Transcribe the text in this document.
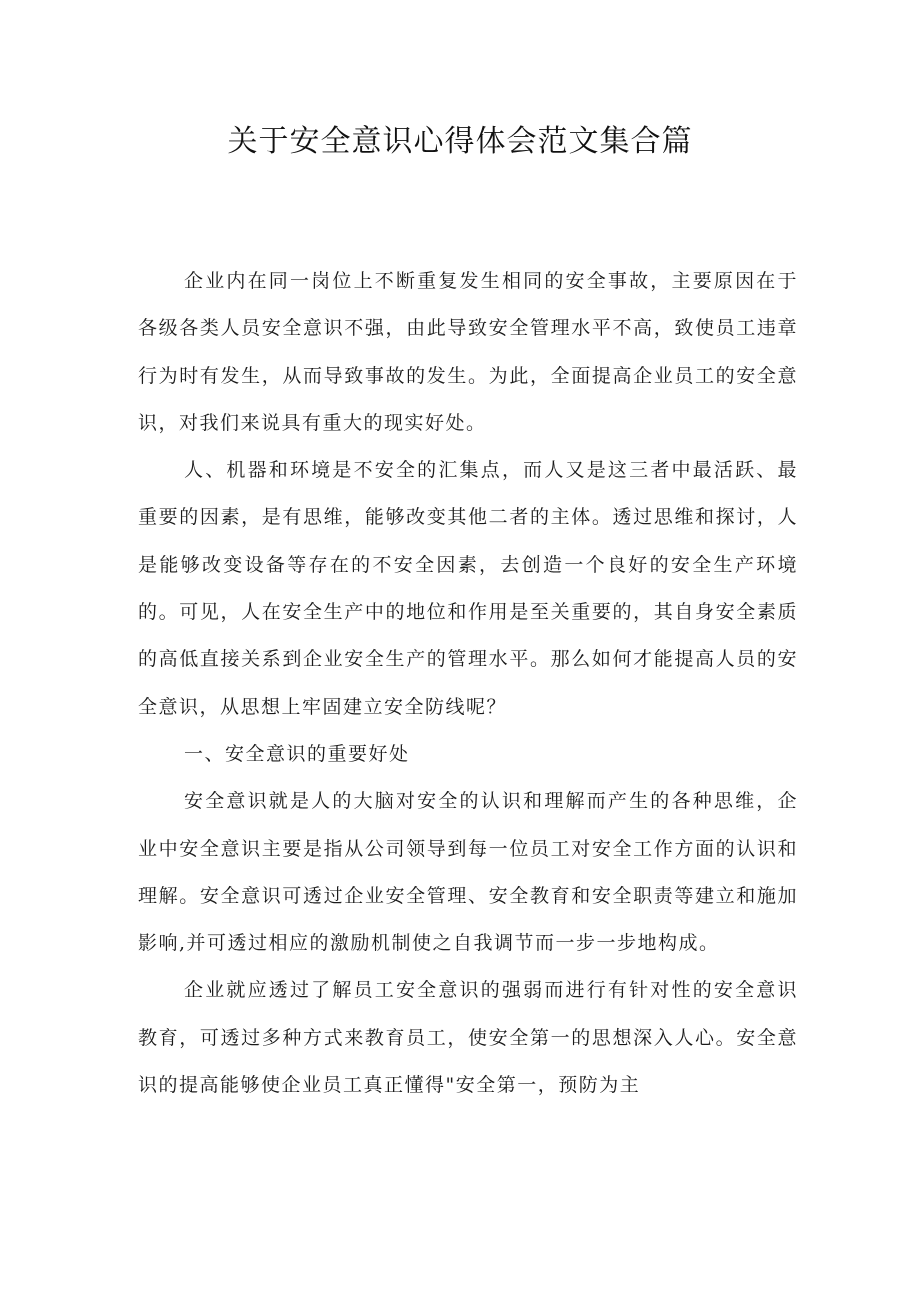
关于安全意识心得体会范文集合篇

企业内在同一岗位上不断重复发生相同的安全事故，主要原因在于各级各类人员安全意识不强，由此导致安全管理水平不高，致使员工违章行为时有发生，从而导致事故的发生。为此，全面提高企业员工的安全意识，对我们来说具有重大的现实好处。

人、机器和环境是不安全的汇集点，而人又是这三者中最活跃、最重要的因素，是有思维，能够改变其他二者的主体。透过思维和探讨，人是能够改变设备等存在的不安全因素，去创造一个良好的安全生产环境的。可见，人在安全生产中的地位和作用是至关重要的，其自身安全素质的高低直接关系到企业安全生产的管理水平。那么如何才能提高人员的安全意识，从思想上牢固建立安全防线呢？

一、安全意识的重要好处

安全意识就是人的大脑对安全的认识和理解而产生的各种思维，企业中安全意识主要是指从公司领导到每一位员工对安全工作方面的认识和理解。安全意识可透过企业安全管理、安全教育和安全职责等建立和施加影响,并可透过相应的激励机制使之自我调节而一步一步地构成。

企业就应透过了解员工安全意识的强弱而进行有针对性的安全意识教育，可透过多种方式来教育员工，使安全第一的思想深入人心。安全意识的提高能够使企业员工真正懂得"安全第一，预防为主
